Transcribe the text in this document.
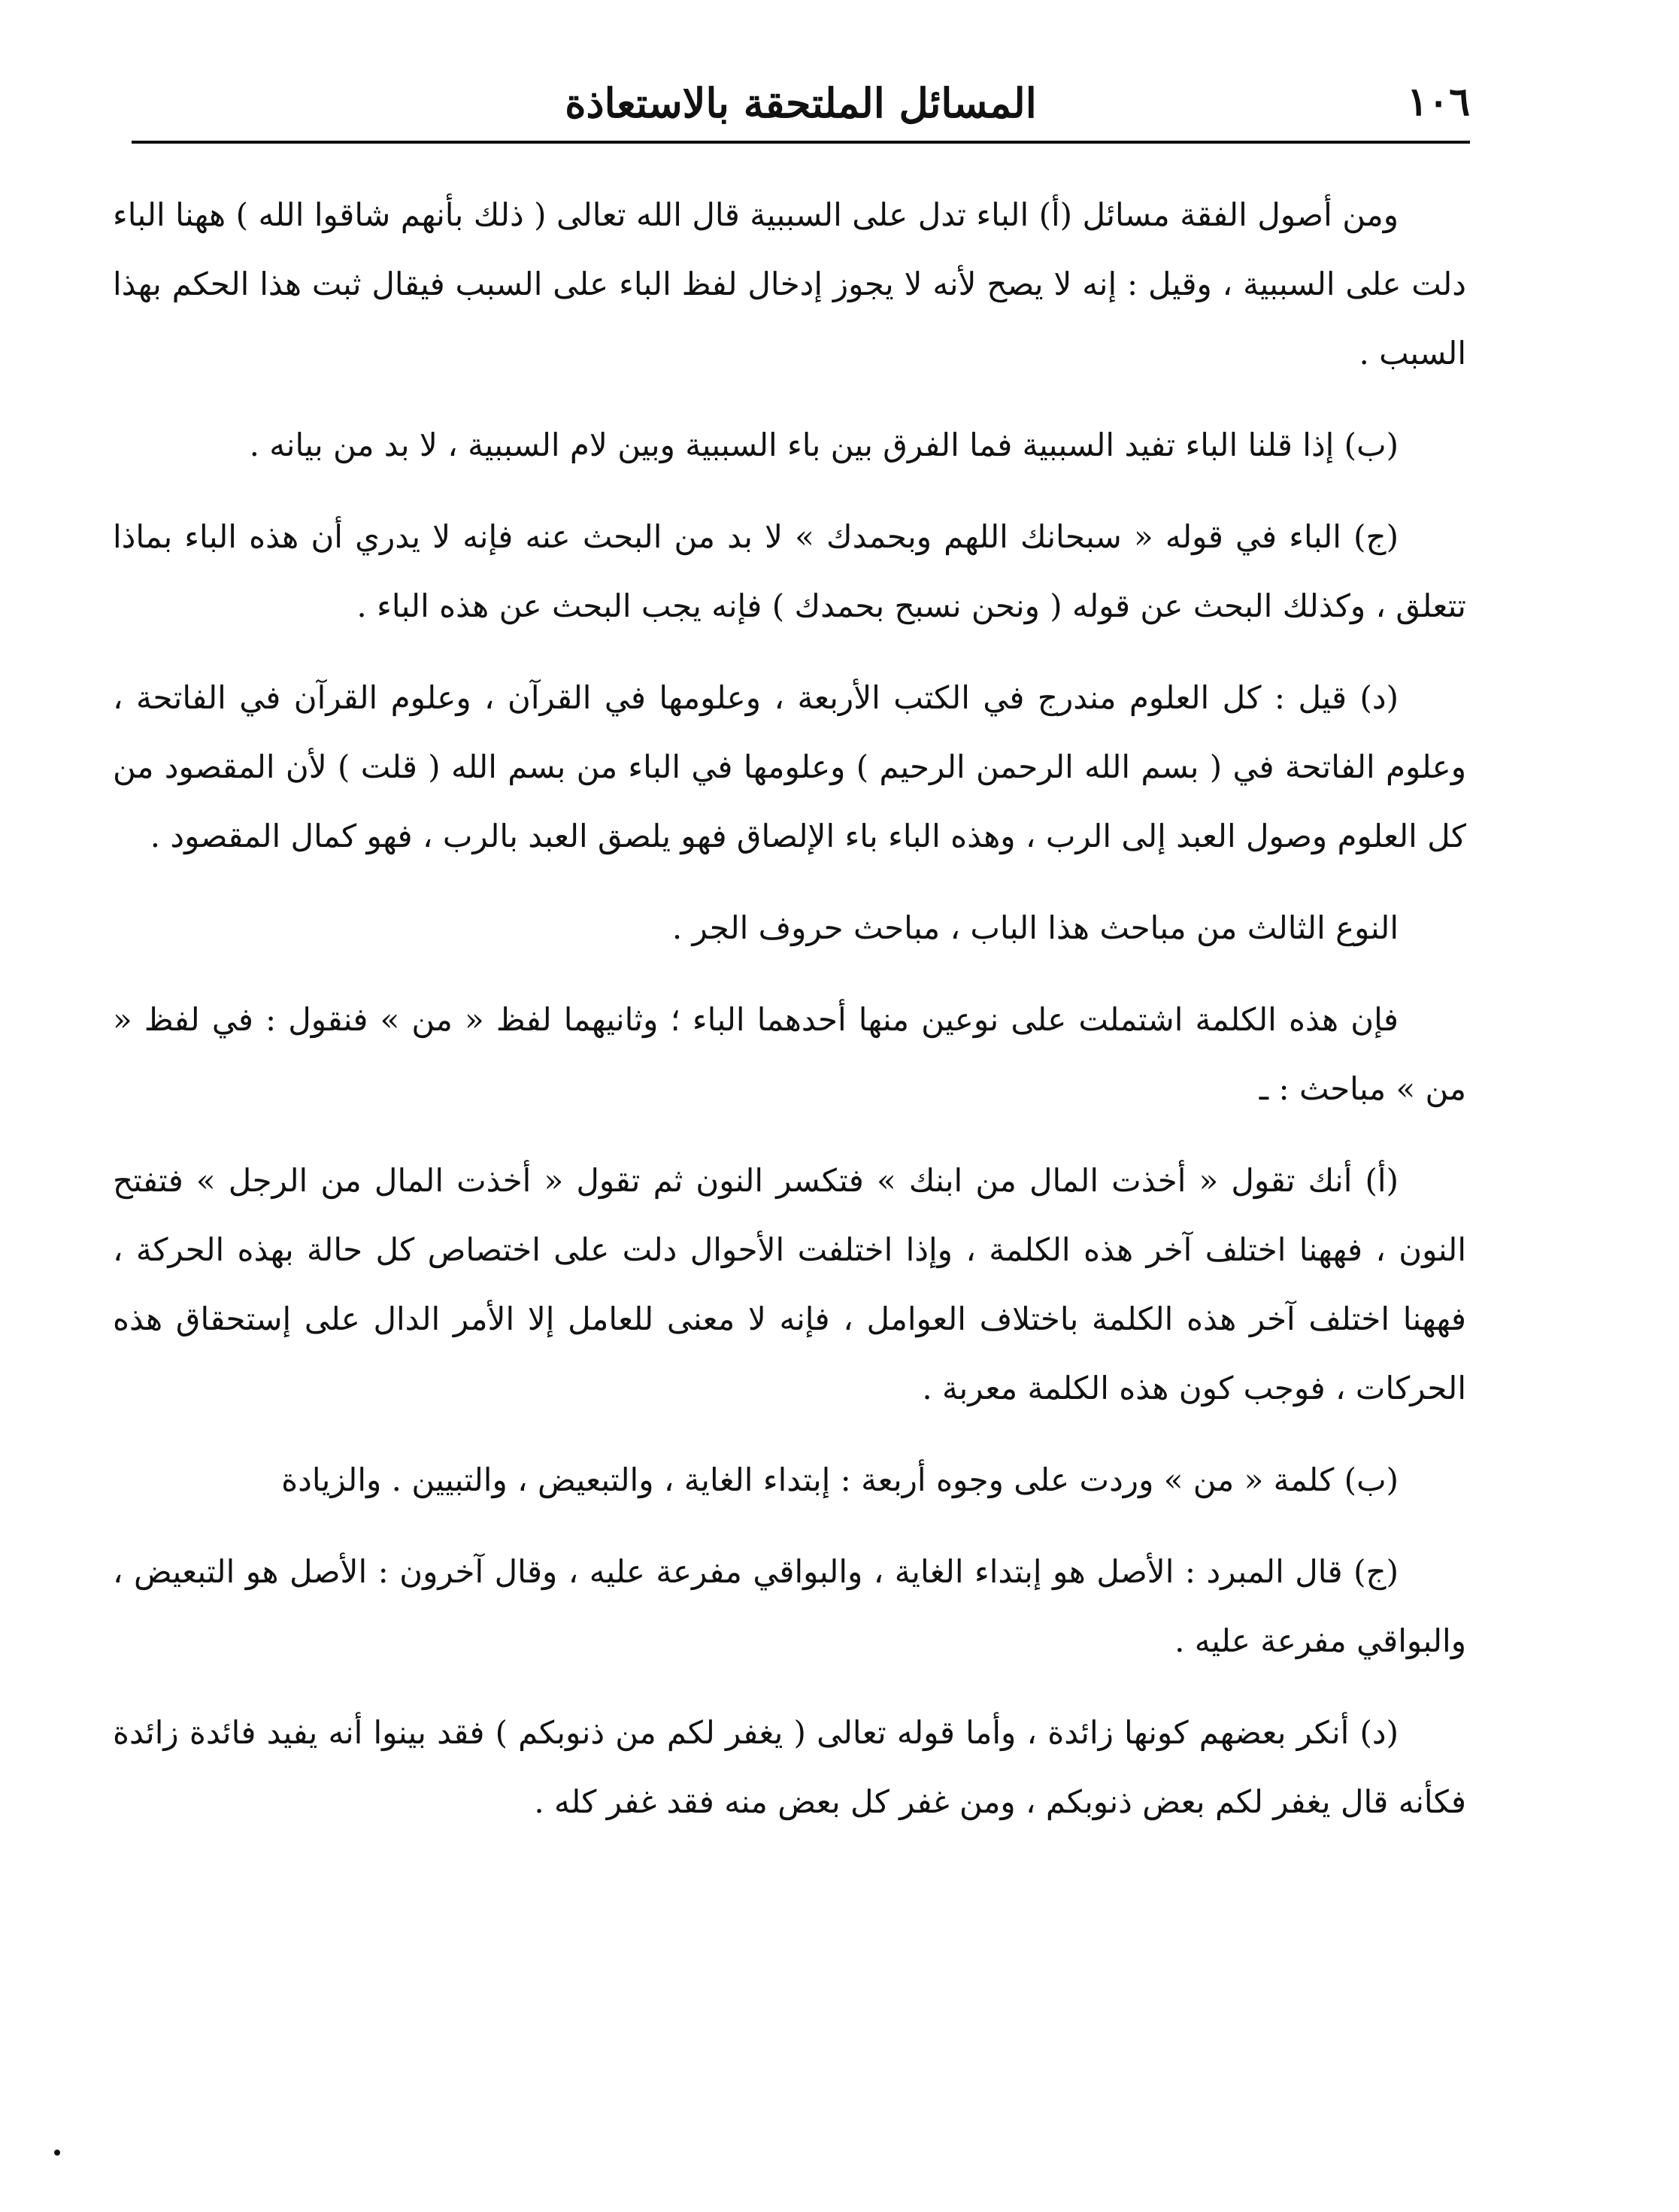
١٠٦
المسائل الملتحقة بالاستعاذة

ومن أصول الفقة مسائل (أ) الباء تدل على السببية قال الله تعالى ( ذلك بأنهم شاقوا الله ) ههنا الباء دلت على السببية ، وقيل : إنه لا يصح لأنه لا يجوز إدخال لفظ الباء على السبب فيقال ثبت هذا الحكم بهذا السبب .

(ب) إذا قلنا الباء تفيد السببية فما الفرق بين باء السببية وبين لام السببية ، لا بد من بيانه .

(ج) الباء في قوله « سبحانك اللهم وبحمدك » لا بد من البحث عنه فإنه لا يدري أن هذه الباء بماذا تتعلق ، وكذلك البحث عن قوله ( ونحن نسبح بحمدك ) فإنه يجب البحث عن هذه الباء .

(د) قيل : كل العلوم مندرج في الكتب الأربعة ، وعلومها في القرآن ، وعلوم القرآن في الفاتحة ، وعلوم الفاتحة في ( بسم الله الرحمن الرحيم ) وعلومها في الباء من بسم الله ( قلت ) لأن المقصود من كل العلوم وصول العبد إلى الرب ، وهذه الباء باء الإلصاق فهو يلصق العبد بالرب ، فهو كمال المقصود .

النوع الثالث من مباحث هذا الباب ، مباحث حروف الجر .

فإن هذه الكلمة اشتملت على نوعين منها أحدهما الباء ؛ وثانيهما لفظ « من » فنقول : في لفظ « من » مباحث : ـ

(أ) أنك تقول « أخذت المال من ابنك » فتكسر النون ثم تقول « أخذت المال من الرجل » فتفتح النون ، فههنا اختلف آخر هذه الكلمة ، وإذا اختلفت الأحوال دلت على اختصاص كل حالة بهذه الحركة ، فههنا اختلف آخر هذه الكلمة باختلاف العوامل ، فإنه لا معنى للعامل إلا الأمر الدال على إستحقاق هذه الحركات ، فوجب كون هذه الكلمة معربة .

(ب) كلمة « من » وردت على وجوه أربعة : إبتداء الغاية ، والتبعيض ، والتبيين . والزيادة

(ج) قال المبرد : الأصل هو إبتداء الغاية ، والبواقي مفرعة عليه ، وقال آخرون : الأصل هو التبعيض ، والبواقي مفرعة عليه .

(د) أنكر بعضهم كونها زائدة ، وأما قوله تعالى ( يغفر لكم من ذنوبكم ) فقد بينوا أنه يفيد فائدة زائدة فكأنه قال يغفر لكم بعض ذنوبكم ، ومن غفر كل بعض منه فقد غفر كله .
